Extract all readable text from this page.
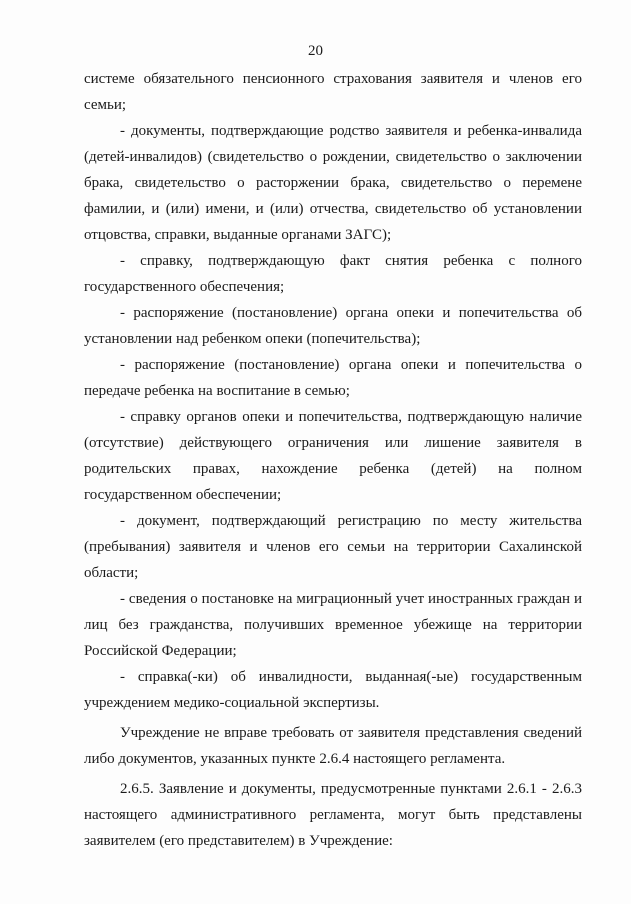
20

системе обязательного пенсионного страхования заявителя и членов его семьи;

- документы, подтверждающие родство заявителя и ребенка-инвалида (детей-инвалидов) (свидетельство о рождении, свидетельство о заключении брака, свидетельство о расторжении брака, свидетельство о перемене фамилии, и (или) имени, и (или) отчества, свидетельство об установлении отцовства, справки, выданные органами ЗАГС);

- справку, подтверждающую факт снятия ребенка с полного государственного обеспечения;

- распоряжение (постановление) органа опеки и попечительства об установлении над ребенком опеки (попечительства);

- распоряжение (постановление) органа опеки и попечительства о передаче ребенка на воспитание в семью;

- справку органов опеки и попечительства, подтверждающую наличие (отсутствие) действующего ограничения или лишение заявителя в родительских правах, нахождение ребенка (детей) на полном государственном обеспечении;

- документ, подтверждающий регистрацию по месту жительства (пребывания) заявителя и членов его семьи на территории Сахалинской области;

- сведения о постановке на миграционный учет иностранных граждан и лиц без гражданства, получивших временное убежище на территории Российской Федерации;

- справка(-ки) об инвалидности, выданная(-ые) государственным учреждением медико-социальной экспертизы.

Учреждение не вправе требовать от заявителя представления сведений либо документов, указанных пункте 2.6.4 настоящего регламента.

2.6.5. Заявление и документы, предусмотренные пунктами 2.6.1 - 2.6.3 настоящего административного регламента, могут быть представлены заявителем (его представителем) в Учреждение:
